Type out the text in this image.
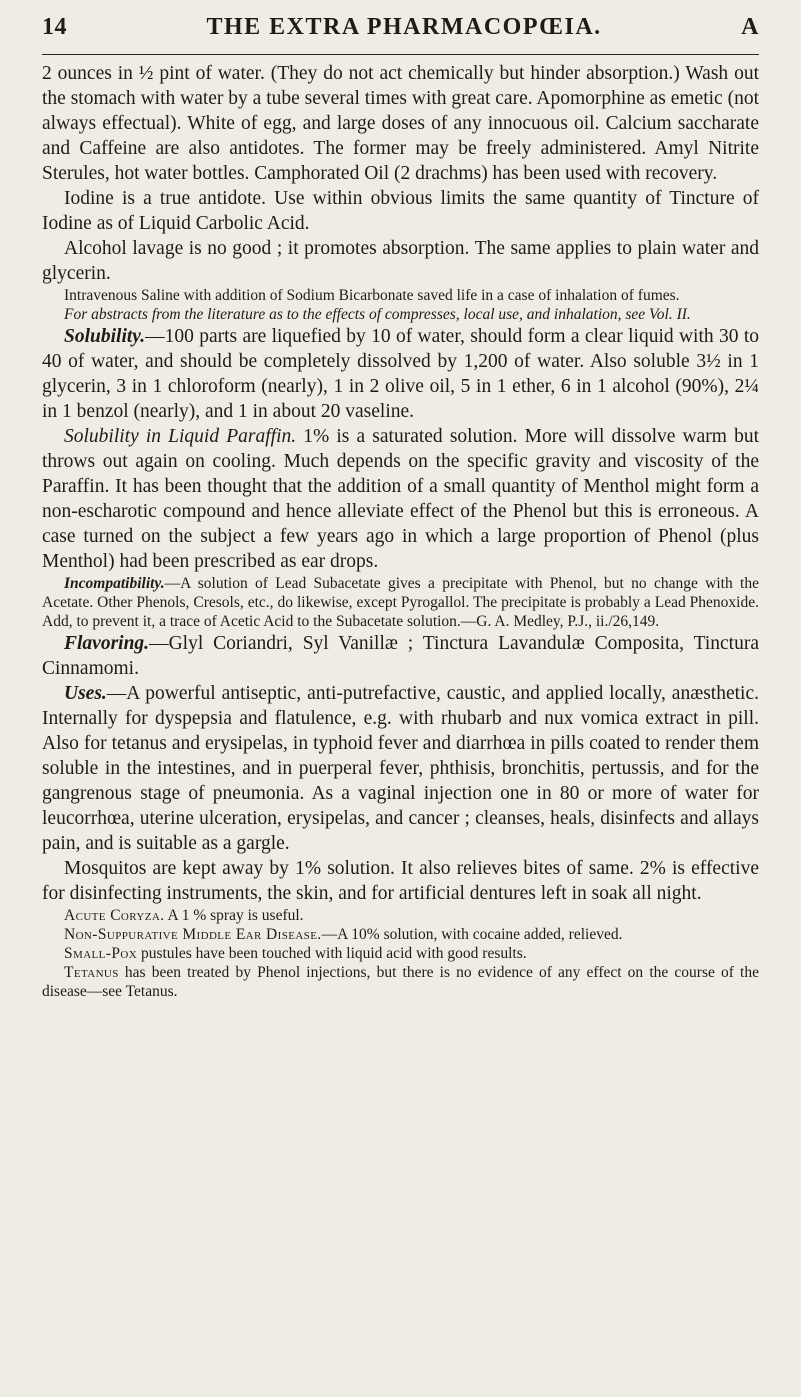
14	THE EXTRA PHARMACOPŒIA.	A

2 ounces in ½ pint of water. (They do not act chemically but hinder absorption.) Wash out the stomach with water by a tube several times with great care. Apomorphine as emetic (not always effectual). White of egg, and large doses of any innocuous oil. Calcium saccharate and Caffeine are also antidotes. The former may be freely administered. Amyl Nitrite Sterules, hot water bottles. Camphorated Oil (2 drachms) has been used with recovery.

Iodine is a true antidote. Use within obvious limits the same quantity of Tincture of Iodine as of Liquid Carbolic Acid.

Alcohol lavage is no good ; it promotes absorption. The same applies to plain water and glycerin.

Intravenous Saline with addition of Sodium Bicarbonate saved life in a case of inhalation of fumes.

For abstracts from the literature as to the effects of compresses, local use, and inhalation, see Vol. II.

Solubility.—100 parts are liquefied by 10 of water, should form a clear liquid with 30 to 40 of water, and should be completely dissolved by 1,200 of water. Also soluble 3½ in 1 glycerin, 3 in 1 chloroform (nearly), 1 in 2 olive oil, 5 in 1 ether, 6 in 1 alcohol (90%), 2¼ in 1 benzol (nearly), and 1 in about 20 vaseline.

Solubility in Liquid Paraffin. 1% is a saturated solution. More will dissolve warm but throws out again on cooling. Much depends on the specific gravity and viscosity of the Paraffin. It has been thought that the addition of a small quantity of Menthol might form a non-escharotic compound and hence alleviate effect of the Phenol but this is erroneous. A case turned on the subject a few years ago in which a large proportion of Phenol (plus Menthol) had been prescribed as ear drops.

Incompatibility.—A solution of Lead Subacetate gives a precipitate with Phenol, but no change with the Acetate. Other Phenols, Cresols, etc., do likewise, except Pyrogallol. The precipitate is probably a Lead Phenoxide. Add, to prevent it, a trace of Acetic Acid to the Subacetate solution.—G. A. Medley, P.J., ii./26,149.

Flavoring.—Glyl Coriandri, Syl Vanillæ ; Tinctura Lavandulæ Composita, Tinctura Cinnamomi.

Uses.—A powerful antiseptic, anti-putrefactive, caustic, and applied locally, anæsthetic. Internally for dyspepsia and flatulence, e.g. with rhubarb and nux vomica extract in pill. Also for tetanus and erysipelas, in typhoid fever and diarrhœa in pills coated to render them soluble in the intestines, and in puerperal fever, phthisis, bronchitis, pertussis, and for the gangrenous stage of pneumonia. As a vaginal injection one in 80 or more of water for leucorrhœa, uterine ulceration, erysipelas, and cancer ; cleanses, heals, disinfects and allays pain, and is suitable as a gargle.

Mosquitos are kept away by 1% solution. It also relieves bites of same. 2% is effective for disinfecting instruments, the skin, and for artificial dentures left in soak all night.

Acute Coryza. A 1 % spray is useful.

Non-Suppurative Middle Ear Disease.—A 10% solution, with cocaine added, relieved.

Small-Pox pustules have been touched with liquid acid with good results.

Tetanus has been treated by Phenol injections, but there is no evidence of any effect on the course of the disease—see Tetanus.
